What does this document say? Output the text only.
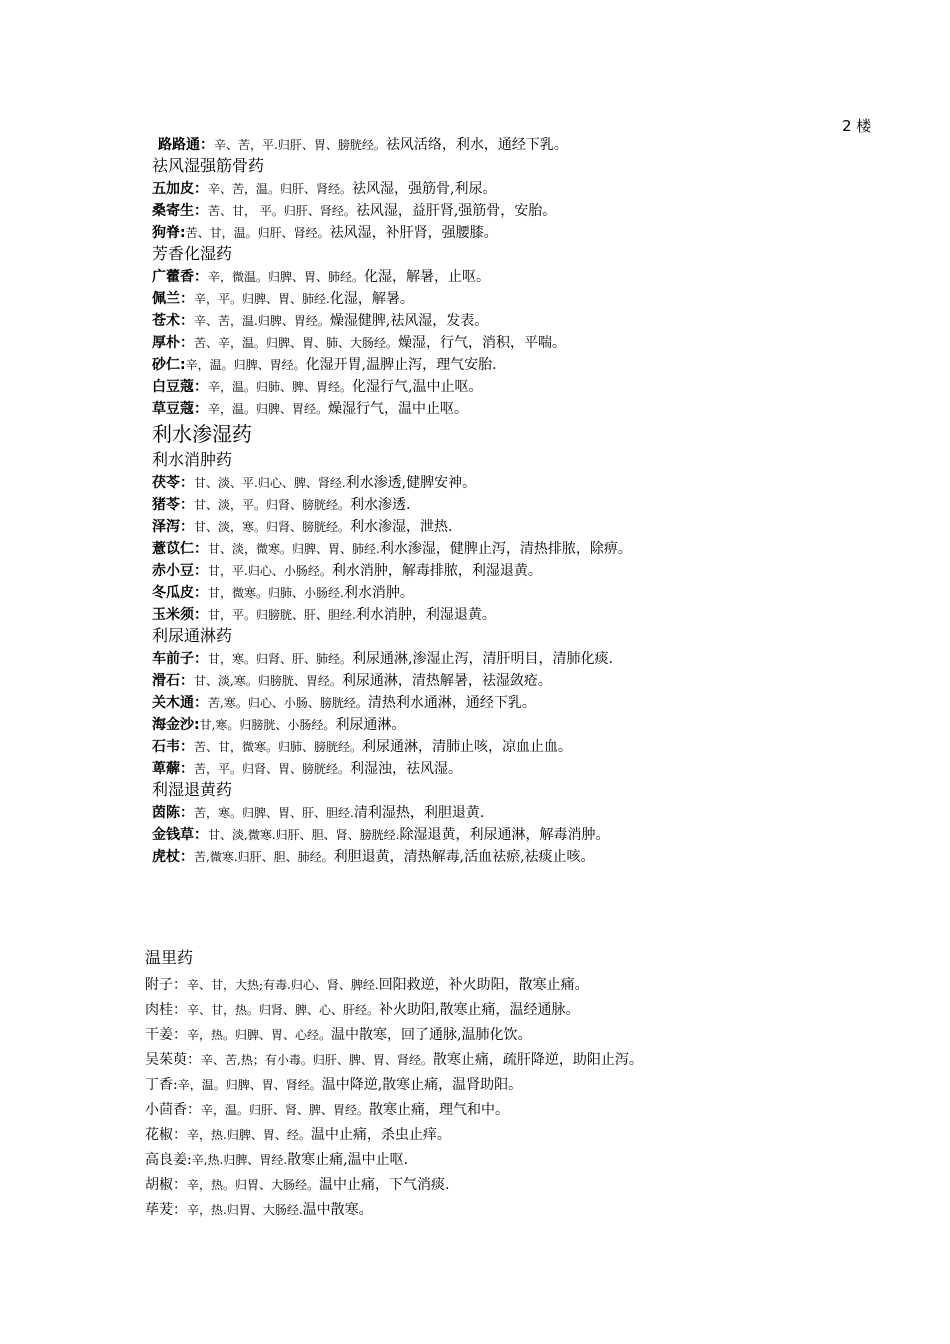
2 楼
路路通：辛、苦，平.归肝、胃、膀胱经。祛风活络，利水，通经下乳。
祛风湿强筋骨药
五加皮：辛、苦，温。归肝、肾经。祛风湿，强筋骨,利尿。
桑寄生：苦、甘， 平。归肝、肾经。祛风湿，益肝肾,强筋骨，安胎。
狗脊:苦、甘，温。归肝、肾经。祛风湿，补肝肾，强腰膝。
芳香化湿药
广藿香：辛，微温。归脾、胃、肺经。化湿，解暑，止呕。
佩兰：辛，平。归脾、胃、肺经.化湿，解暑。
苍术：辛、苦，温.归脾、胃经。燥湿健脾,祛风湿，发表。
厚朴：苦、辛，温。归脾、胃、肺、大肠经。燥湿，行气，消积，平喘。
砂仁:辛，温。归脾、胃经。化湿开胃,温脾止泻，理气安胎.
白豆蔻：辛，温。归肺、脾、胃经。化湿行气,温中止呕。
草豆蔻：辛，温。归脾、胃经。燥湿行气，温中止呕。
利水渗湿药
利水消肿药
茯苓：甘、淡、平.归心、脾、肾经.利水渗透,健脾安神。
猪苓：甘、淡，平。归肾、膀胱经。利水渗透.
泽泻：甘、淡，寒。归肾、膀胱经。利水渗湿，泄热.
薏苡仁：甘、淡，微寒。归脾、胃、肺经.利水渗湿，健脾止泻，清热排脓，除痹。
赤小豆：甘，平.归心、小肠经。利水消肿，解毒排脓，利湿退黄。
冬瓜皮：甘，微寒。归肺、小肠经.利水消肿。
玉米须：甘，平。归膀胱、肝、胆经.利水消肿，利湿退黄。
利尿通淋药
车前子：甘，寒。归肾、肝、肺经。利尿通淋,渗湿止泻，清肝明目，清肺化痰.
滑石：甘、淡,寒。归膀胱、胃经。利尿通淋，清热解暑，祛湿敛疮。
关木通：苦,寒。归心、小肠、膀胱经。清热利水通淋，通经下乳。
海金沙:甘,寒。归膀胱、小肠经。利尿通淋。
石韦：苦、甘，微寒。归肺、膀胱经。利尿通淋，清肺止咳，凉血止血。
萆薢：苦，平。归肾、胃、膀胱经。利湿浊，祛风湿。
利湿退黄药
茵陈：苦，寒。归脾、胃、肝、胆经.清利湿热，利胆退黄.
金钱草：甘、淡,微寒.归肝、胆、肾、膀胱经.除湿退黄，利尿通淋，解毒消肿。
虎杖：苦,微寒.归肝、胆、肺经。利胆退黄，清热解毒,活血祛瘀,祛痰止咳。
温里药
附子：辛、甘，大热;有毒.归心、肾、脾经.回阳救逆，补火助阳，散寒止痛。
肉桂：辛、甘，热。归肾、脾、心、肝经。补火助阳,散寒止痛，温经通脉。
干姜：辛，热。归脾、胃、心经。温中散寒，回了通脉,温肺化饮。
吴茱萸：辛、苦,热；有小毒。归肝、脾、胃、肾经。散寒止痛，疏肝降逆，助阳止泻。
丁香:辛，温。归脾、胃、肾经。温中降逆,散寒止痛，温肾助阳。
小茴香：辛，温。归肝、肾、脾、胃经。散寒止痛，理气和中。
花椒：辛，热.归脾、胃、经。温中止痛，杀虫止痒。
高良姜:辛,热.归脾、胃经.散寒止痛,温中止呕.
胡椒：辛，热。归胃、大肠经。温中止痛，下气消痰.
荜茇：辛，热.归胃、大肠经.温中散寒。
